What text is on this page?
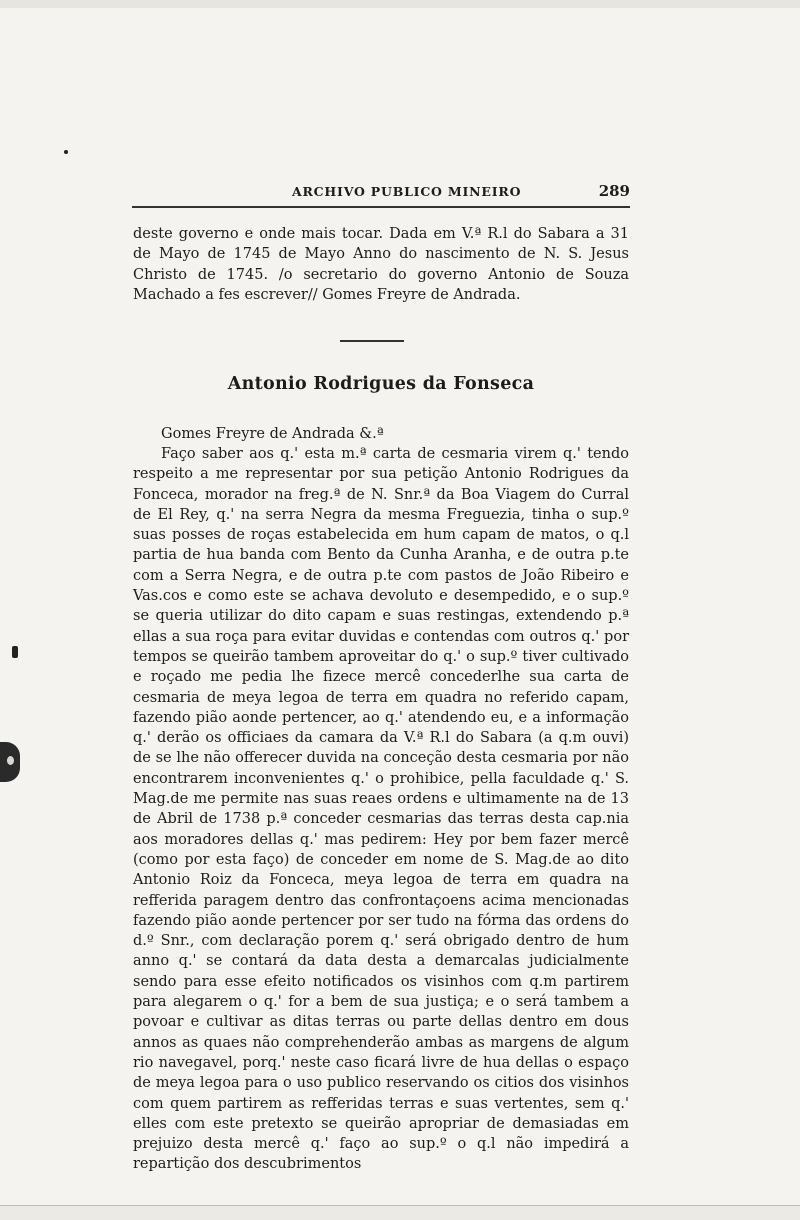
ARCHIVO PUBLICO MINEIRO	289

deste governo e onde mais tocar. Dada em V.ª R.l do Sabara a 31 de Mayo de 1745 de Mayo Anno do nascimento de N. S. Jesus Christo de 1745. /o secretario do governo Antonio de Souza Machado a fes escrever// Gomes Freyre de Andrada.

Antonio Rodrigues da Fonseca

Gomes Freyre de Andrada &.ª

Faço saber aos q.' esta m.ª carta de cesmaria virem q.' tendo respeito a me representar por sua petição Antonio Rodrigues da Fonceca, morador na freg.ª de N. Snr.ª da Boa Viagem do Curral de El Rey, q.' na serra Negra da mesma Freguezia, tinha o sup.º suas posses de roças estabelecida em hum capam de matos, o q.l partia de hua banda com Bento da Cunha Aranha, e de outra p.te com a Serra Negra, e de outra p.te com pastos de João Ribeiro e Vas.cos e como este se achava devoluto e desempedido, e o sup.º se queria utilizar do dito capam e suas restingas, extendendo p.ª ellas a sua roça para evitar duvidas e contendas com outros q.' por tempos se queirão tambem aproveitar do q.' o sup.º tiver cultivado e roçado me pedia lhe fizece mercê concederlhe sua carta de cesmaria de meya legoa de terra em quadra no referido capam, fazendo pião aonde pertencer, ao q.' atendendo eu, e a informação q.' derão os officiaes da camara da V.ª R.l do Sabara (a q.m ouvi) de se lhe não offerecer duvida na conceção desta cesmaria por não encontrarem inconvenientes q.' o prohibice, pella faculdade q.' S. Mag.de me permite nas suas reaes ordens e ultimamente na de 13 de Abril de 1738 p.ª conceder cesmarias das terras desta cap.nia aos moradores dellas q.' mas pedirem: Hey por bem fazer mercê (como por esta faço) de conceder em nome de S. Mag.de ao dito Antonio Roiz da Fonceca, meya legoa de terra em quadra na refferida paragem dentro das confrontaçoens acima mencionadas fazendo pião aonde pertencer por ser tudo na fórma das ordens do d.º Snr., com declaração porem q.' será obrigado dentro de hum anno q.' se contará da data desta a demarcalas judicialmente sendo para esse efeito notificados os visinhos com q.m partirem para alegarem o q.' for a bem de sua justiça; e o será tambem a povoar e cultivar as ditas terras ou parte dellas dentro em dous annos as quaes não comprehenderão ambas as margens de algum rio navegavel, porq.' neste caso ficará livre de hua dellas o espaço de meya legoa para o uso publico reservando os citios dos visinhos com quem partirem as refferidas terras e suas vertentes, sem q.' elles com este pretexto se queirão apropriar de demasiadas em prejuizo desta mercê q.' faço ao sup.º o q.l não impedirá a repartição dos descubrimentos
